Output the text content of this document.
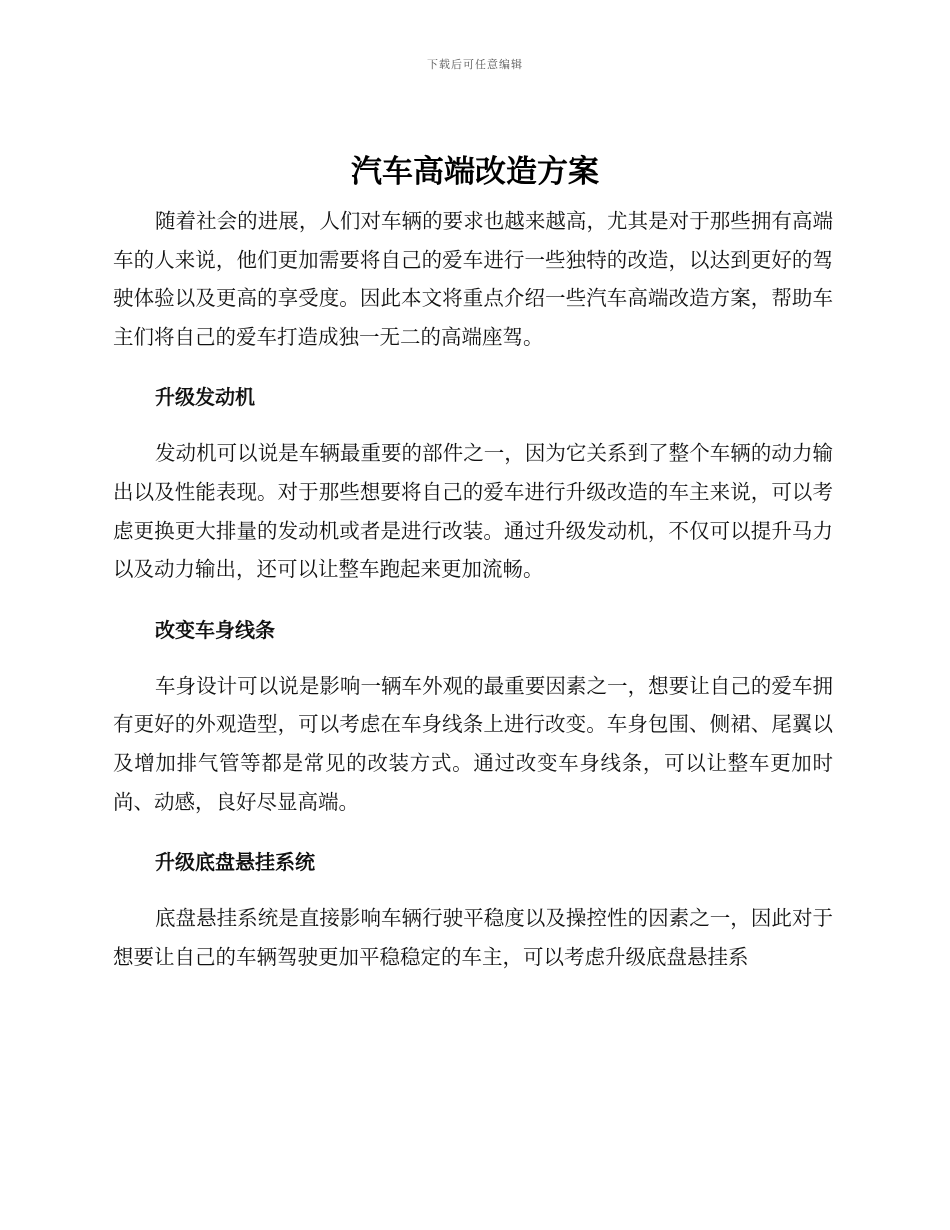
下载后可任意编辑
汽车高端改造方案

随着社会的进展，人们对车辆的要求也越来越高，尤其是对于那些拥有高端车的人来说，他们更加需要将自己的爱车进行一些独特的改造，以达到更好的驾驶体验以及更高的享受度。因此本文将重点介绍一些汽车高端改造方案，帮助车主们将自己的爱车打造成独一无二的高端座驾。

升级发动机

发动机可以说是车辆最重要的部件之一，因为它关系到了整个车辆的动力输出以及性能表现。对于那些想要将自己的爱车进行升级改造的车主来说，可以考虑更换更大排量的发动机或者是进行改装。通过升级发动机，不仅可以提升马力以及动力输出，还可以让整车跑起来更加流畅。

改变车身线条

车身设计可以说是影响一辆车外观的最重要因素之一，想要让自己的爱车拥有更好的外观造型，可以考虑在车身线条上进行改变。车身包围、侧裙、尾翼以及增加排气管等都是常见的改装方式。通过改变车身线条，可以让整车更加时尚、动感，良好尽显高端。

升级底盘悬挂系统

底盘悬挂系统是直接影响车辆行驶平稳度以及操控性的因素之一，因此对于想要让自己的车辆驾驶更加平稳稳定的车主，可以考虑升级底盘悬挂系
